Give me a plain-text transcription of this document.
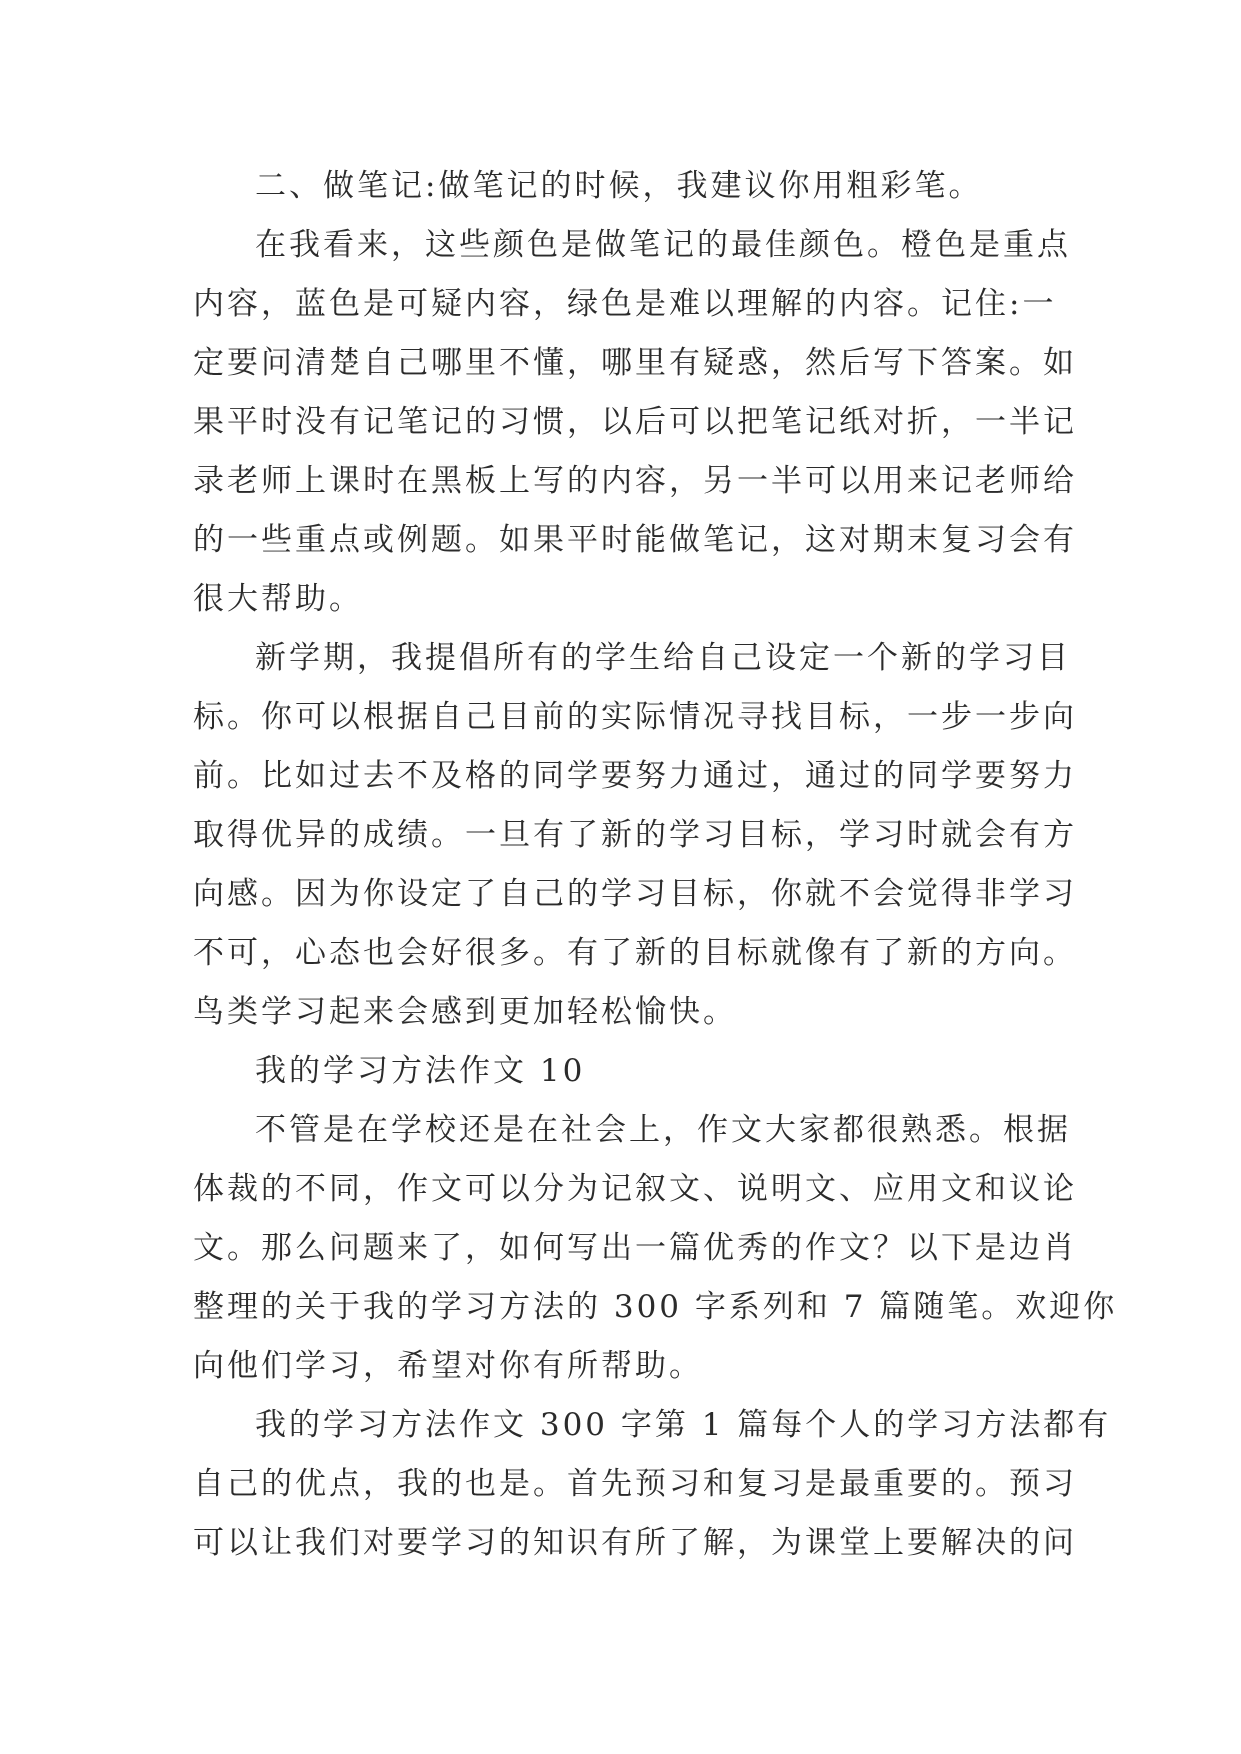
二、做笔记:做笔记的时候，我建议你用粗彩笔。
在我看来，这些颜色是做笔记的最佳颜色。橙色是重点
内容，蓝色是可疑内容，绿色是难以理解的内容。记住:一
定要问清楚自己哪里不懂，哪里有疑惑，然后写下答案。如
果平时没有记笔记的习惯，以后可以把笔记纸对折，一半记
录老师上课时在黑板上写的内容，另一半可以用来记老师给
的一些重点或例题。如果平时能做笔记，这对期末复习会有
很大帮助。
新学期，我提倡所有的学生给自己设定一个新的学习目
标。你可以根据自己目前的实际情况寻找目标，一步一步向
前。比如过去不及格的同学要努力通过，通过的同学要努力
取得优异的成绩。一旦有了新的学习目标，学习时就会有方
向感。因为你设定了自己的学习目标，你就不会觉得非学习
不可，心态也会好很多。有了新的目标就像有了新的方向。
鸟类学习起来会感到更加轻松愉快。
我的学习方法作文 10
不管是在学校还是在社会上，作文大家都很熟悉。根据
体裁的不同，作文可以分为记叙文、说明文、应用文和议论
文。那么问题来了，如何写出一篇优秀的作文？以下是边肖
整理的关于我的学习方法的 300 字系列和 7 篇随笔。欢迎你
向他们学习，希望对你有所帮助。
我的学习方法作文 300 字第 1 篇每个人的学习方法都有
自己的优点，我的也是。首先预习和复习是最重要的。预习
可以让我们对要学习的知识有所了解，为课堂上要解决的问
